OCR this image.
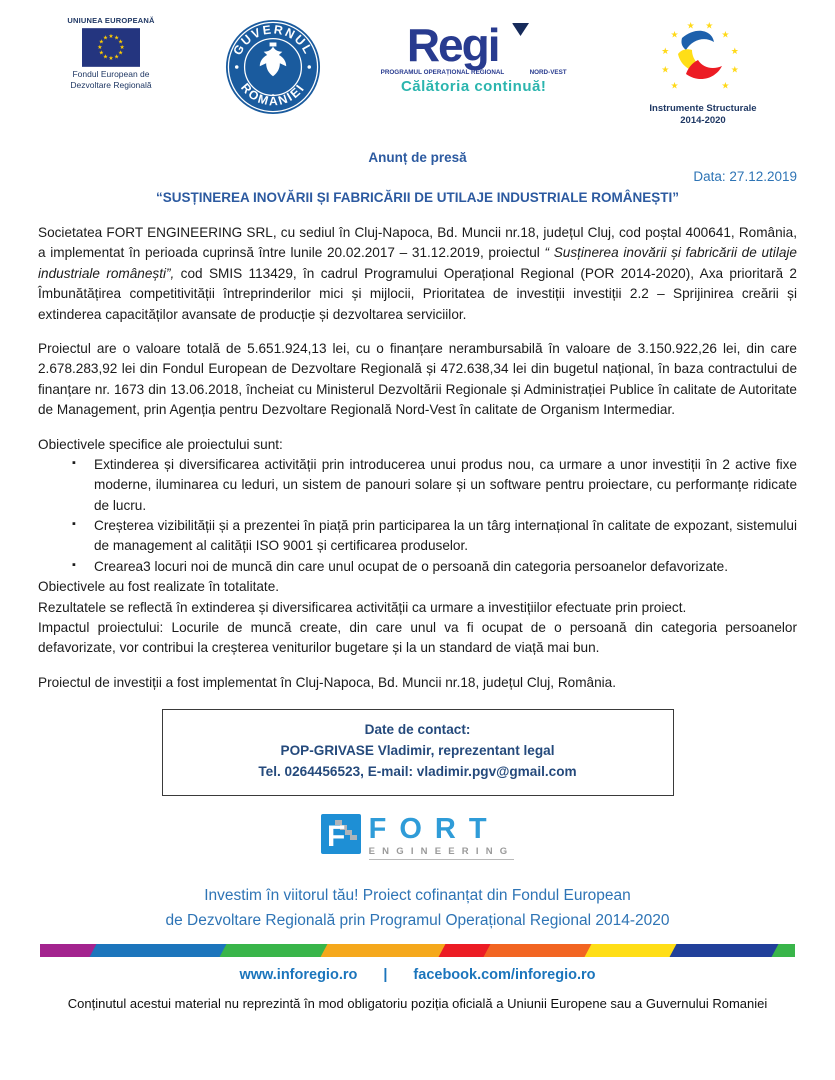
UNIUNEA EUROPEANĂ
★ ★
★
★
★
★
★
★
★
★
★
★
Fondul European de
Dezvoltare Regională
GUVERNUL
ROMÂNIEI
Regi
PROGRAMUL OPERAȚIONAL REGIONAL	NORD-VEST
Călătoria continuă!	★
★
★
★
★ ★
★
★
★
★
Instrumente Structurale
2014-2020
Anunț de presă
Data: 27.12.2019
“SUSȚINEREA INOVĂRII ȘI FABRICĂRII DE UTILAJE INDUSTRIALE ROMÂNEȘTI”

Societatea FORT ENGINEERING SRL, cu sediul în Cluj-Napoca, Bd. Muncii nr.18, județul Cluj, cod poștal 400641, România, a implementat în perioada cuprinsă între lunile 20.02.2017 – 31.12.2019, proiectul “ Susținerea inovării și fabricării de utilaje industriale românești”, cod SMIS 113429, în cadrul Programului Operațional Regional (POR 2014-2020), Axa prioritară 2 Îmbunătățirea competitivității întreprinderilor mici și mijlocii, Prioritatea de investiții investiții 2.2 – Sprijinirea creării și extinderea capacităților avansate de producție și dezvoltarea serviciilor.

Proiectul are o valoare totală de 5.651.924,13 lei, cu o finanțare nerambursabilă în valoare de 3.150.922,26 lei, din care 2.678.283,92 lei din Fondul European de Dezvoltare Regională și 472.638,34 lei din bugetul național, în baza contractului de finanțare nr. 1673 din 13.06.2018, încheiat cu Ministerul Dezvoltării Regionale și Administrației Publice în calitate de Autoritate de Management, prin Agenția pentru Dezvoltare Regională Nord-Vest în calitate de Organism Intermediar.

Obiectivele specifice ale proiectului sunt:

▪ Extinderea și diversificarea activității prin introducerea unui produs nou, ca urmare a unor investiții în 2 active fixe moderne, iluminarea cu leduri, un sistem de panouri solare și un software pentru proiectare, cu performanțe ridicate de lucru.
▪ Creșterea vizibilității și a prezentei în piață prin participarea la un târg internațional în calitate de expozant, sistemului de management al calității ISO 9001 și certificarea produselor.
▪ Crearea3 locuri noi de muncă din care unul ocupat de o persoană din categoria persoanelor defavorizate.

Obiectivele au fost realizate în totalitate.

Rezultatele se reflectă în extinderea și diversificarea activității ca urmare a investițiilor efectuate prin proiect.

Impactul proiectului: Locurile de muncă create, din care unul va fi ocupat de o persoană din categoria persoanelor defavorizate, vor contribui la creșterea veniturilor bugetare și la un standard de viață mai bun.

Proiectul de investiții a fost implementat în Cluj-Napoca, Bd. Muncii nr.18, județul Cluj, România.

Date de contact:
POP-GRIVASE Vladimir, reprezentant legal
Tel. 0264456523, E-mail: vladimir.pgv@gmail.com
F FORT
ENGINEERING
Investim în viitorul tău! Proiect cofinanțat din Fondul European
de Dezvoltare Regională prin Programul Operațional Regional 2014-2020
www.inforegio.ro | facebook.com/inforegio.ro
Conținutul acestui material nu reprezintă în mod obligatoriu poziția oficială a Uniunii Europene sau a Guvernului Romaniei
